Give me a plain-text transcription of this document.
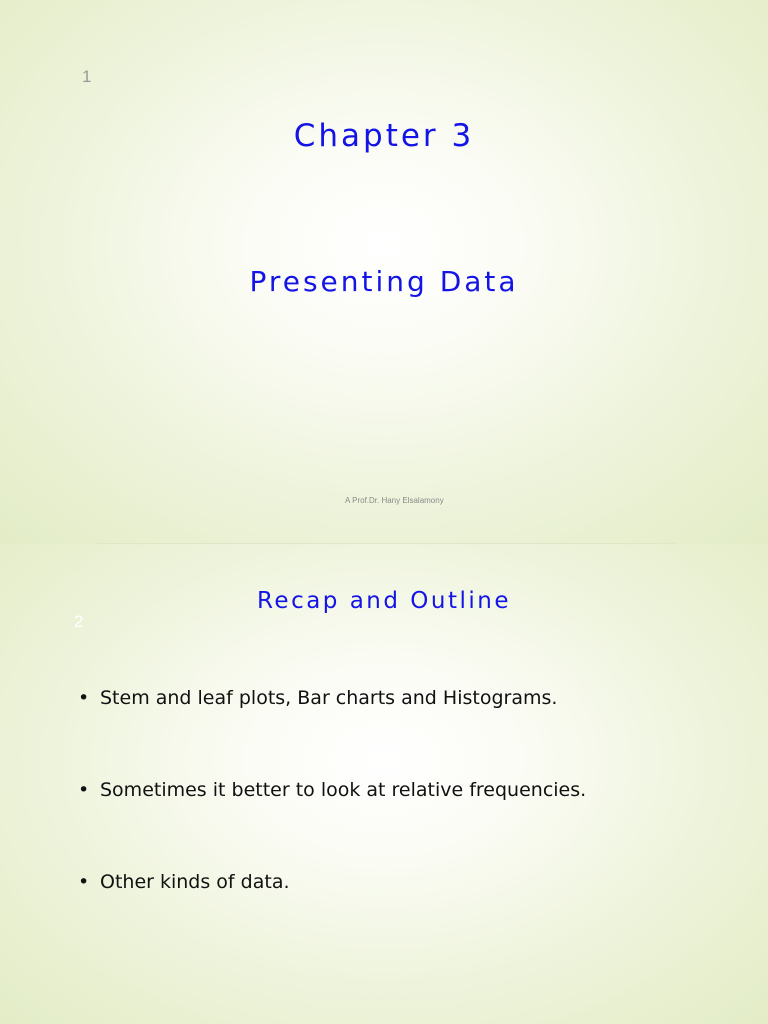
1
Chapter 3
Presenting Data
A Prof.Dr. Hany Elsalamony
2
Recap and Outline
• Stem and leaf plots, Bar charts and Histograms.
• Sometimes it better to look at relative frequencies.
• Other kinds of data.
